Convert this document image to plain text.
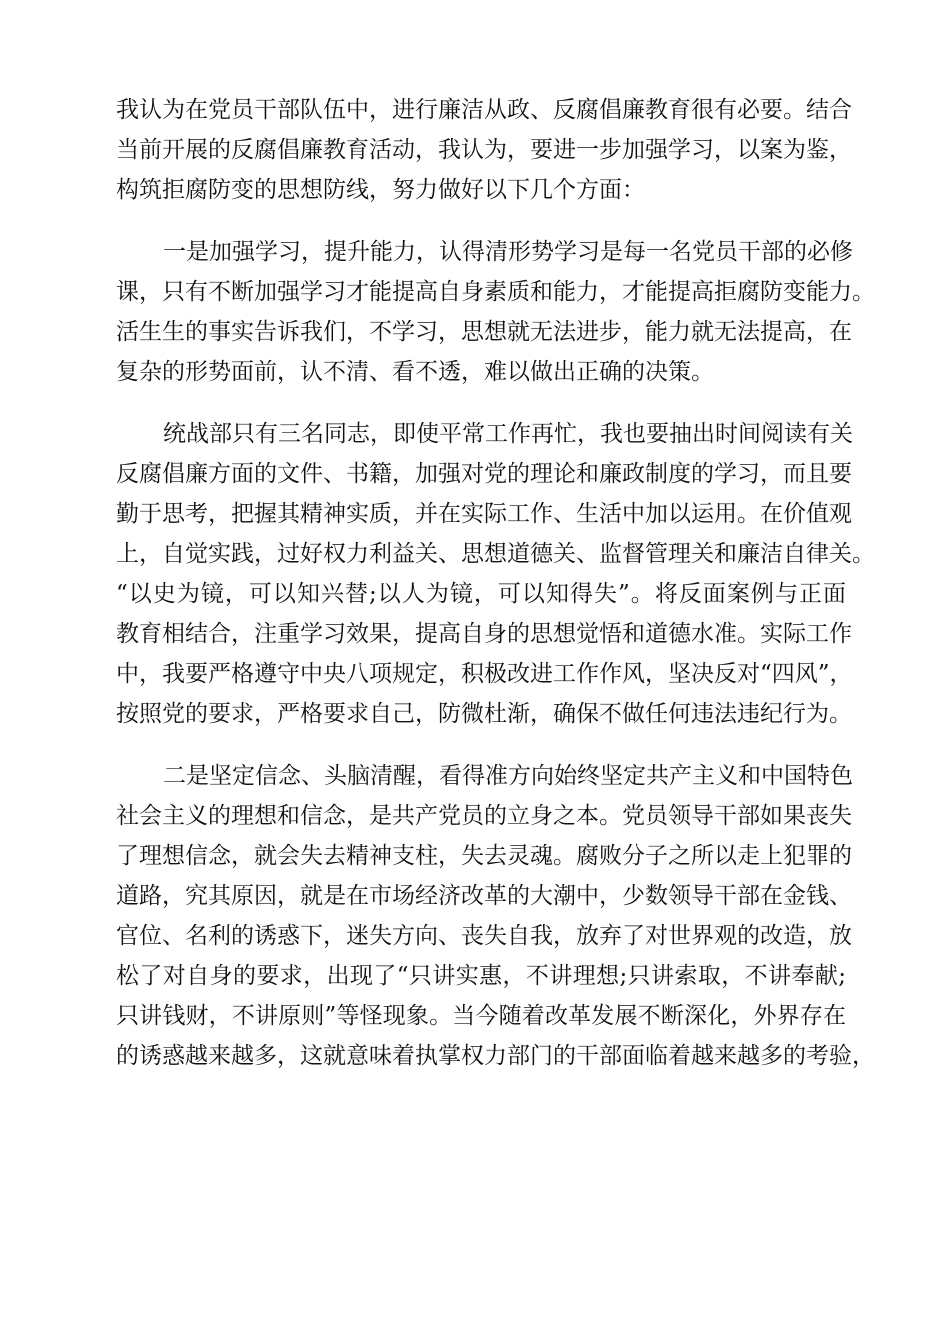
我认为在党员干部队伍中，进行廉洁从政、反腐倡廉教育很有必要。结合
当前开展的反腐倡廉教育活动，我认为，要进一步加强学习，以案为鉴，
构筑拒腐防变的思想防线，努力做好以下几个方面：
一是加强学习，提升能力，认得清形势学习是每一名党员干部的必修
课，只有不断加强学习才能提高自身素质和能力，才能提高拒腐防变能力。
活生生的事实告诉我们，不学习，思想就无法进步，能力就无法提高，在
复杂的形势面前，认不清、看不透，难以做出正确的决策。
统战部只有三名同志，即使平常工作再忙，我也要抽出时间阅读有关
反腐倡廉方面的文件、书籍，加强对党的理论和廉政制度的学习，而且要
勤于思考，把握其精神实质，并在实际工作、生活中加以运用。在价值观
上，自觉实践，过好权力利益关、思想道德关、监督管理关和廉洁自律关。
“以史为镜，可以知兴替;以人为镜，可以知得失”。将反面案例与正面
教育相结合，注重学习效果，提高自身的思想觉悟和道德水准。实际工作
中，我要严格遵守中央八项规定，积极改进工作作风，坚决反对“四风”，
按照党的要求，严格要求自己，防微杜渐，确保不做任何违法违纪行为。
二是坚定信念、头脑清醒，看得准方向始终坚定共产主义和中国特色
社会主义的理想和信念，是共产党员的立身之本。党员领导干部如果丧失
了理想信念，就会失去精神支柱，失去灵魂。腐败分子之所以走上犯罪的
道路，究其原因，就是在市场经济改革的大潮中，少数领导干部在金钱、
官位、名利的诱惑下，迷失方向、丧失自我，放弃了对世界观的改造，放
松了对自身的要求，出现了“只讲实惠，不讲理想;只讲索取，不讲奉献;
只讲钱财，不讲原则”等怪现象。当今随着改革发展不断深化，外界存在
的诱惑越来越多，这就意味着执掌权力部门的干部面临着越来越多的考验，
